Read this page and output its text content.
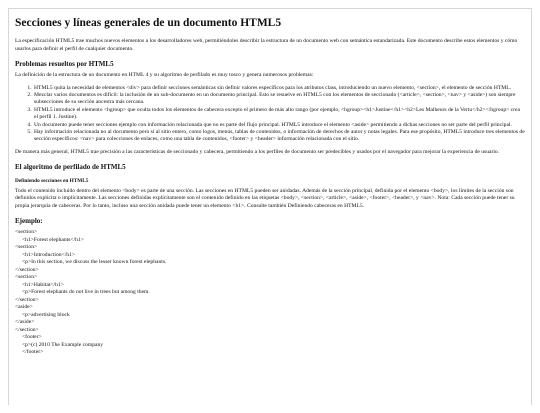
Secciones y líneas generales de un documento HTML5

La especificación HTML5 trae muchos nuevos elementos a los desarrolladores web, permitiéndoles describir la estructura de un documento web con semántica estandarizada. Este documento describe estos elementos y cómo usarlos para definir el perfil de cualquier documento.

Problemas resueltos por HTML5

La definición de la estructura de un documento en HTML 4 y su algoritmo de perfilado es muy tosco y genera numerosos problemas:

1. HTML5 quita la necesidad de elementos <div> para definir secciones semánticas sin definir valores específicos para los atributos class, introduciendo un nuevo elemento, <section>, el elemento de sección HTML.
2. Mezclar varios documentos es difícil: la inclusión de un sub-documento en un documento principal. Esto se resuelve en HTML5 con los elementos de seccionado (<article>, <section>, <nav> y <aside>) son siempre subsecciones de su sección ancestra más cercana.
3. HTML5 introduce el elemento <hgroup> que oculta todos los elementos de cabecera excepto el primero de más alto rango (por ejemplo, <hgroup><h1>Justine</h1><h2>Les Malheurs de la Vertu</h2></hgroup> crea el perfil 1. Justine).
4. Un documento puede tener secciones ejemplo con información relacionada que no es parte del flujo principal. HTML5 introduce el elemento <aside> permitiendo a dichas secciones no ser parte del perfil principal.
5. Hay información relacionada no al documento pero sí al sitio entero, como logos, menús, tablas de contenidos, o información de derechos de autor y notas legales. Para ese propósito, HTML5 introduce tres elementos de sección específicos: <nav> para colecciones de enlaces, como una tabla de contenidos, <footer> y <header> información relacionada con el sitio.

De manera más general, HTML5 trae precisión a las características de seccionado y cabecera, permitiendo a los perfiles de documento ser predecibles y usados por el navegador para mejorar la experiencia de usuario.

El algoritmo de perfilado de HTML5
Definiendo secciones en HTML5

Todo el contenido incluido dentro del elemento <body> es parte de una sección. Las secciones en HTML5 pueden ser anidadas. Además de la sección principal, definida por el elemento <body>, los límites de la sección son definidos explícita o implícitamente. Las secciones definidas explícitamente son el contenido definido en las etiquetas <body>, <section>, <article>, <aside>, <footer>, <header>, y <nav>. Nota: Cada sección puede tener su propia jerarquía de cabeceras. Por lo tanto, incluso una sección anidada puede tener un elemento <h1>. Consulte también Definiendo cabeceras en HTML5.

Ejemplo:
<section>
<h1>Forest elephants</h1>
<section>
<h1>Introduction</h1>
<p>In this section, we discuss the lesser known forest elephants.
</section>
<section>
<h1>Habitat</h1>
<p>Forest elephants do not live in trees but among them.
</section>
<aside>
<p>advertising block
</aside>
</section>
<footer>
<p>(c) 2010 The Example company
</footer>
